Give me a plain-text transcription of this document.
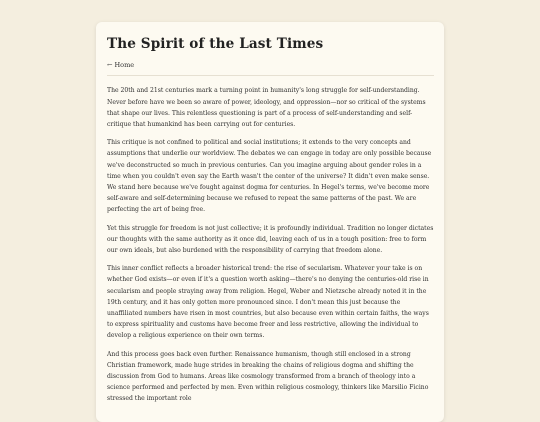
The Spirit of the Last Times
← Home

The 20th and 21st centuries mark a turning point in humanity's long struggle for self-understanding. Never before have we been so aware of power, ideology, and oppression—nor so critical of the systems that shape our lives. This relentless questioning is part of a process of self-understanding and self-critique that humankind has been carrying out for centuries.

This critique is not confined to political and social institutions; it extends to the very concepts and assumptions that underlie our worldview. The debates we can engage in today are only possible because we've deconstructed so much in previous centuries. Can you imagine arguing about gender roles in a time when you couldn't even say the Earth wasn't the center of the universe? It didn't even make sense. We stand here because we've fought against dogma for centuries. In Hegel's terms, we've become more self-aware and self-determining because we refused to repeat the same patterns of the past. We are perfecting the art of being free.

Yet this struggle for freedom is not just collective; it is profoundly individual. Tradition no longer dictates our thoughts with the same authority as it once did, leaving each of us in a tough position: free to form our own ideals, but also burdened with the responsibility of carrying that freedom alone.

This inner conflict reflects a broader historical trend: the rise of secularism. Whatever your take is on whether God exists—or even if it's a question worth asking—there's no denying the centuries-old rise in secularism and people straying away from religion. Hegel, Weber and Nietzsche already noted it in the 19th century, and it has only gotten more pronounced since. I don't mean this just because the unaffiliated numbers have risen in most countries, but also because even within certain faiths, the ways to express spirituality and customs have become freer and less restrictive, allowing the individual to develop a religious experience on their own terms.

And this process goes back even further. Renaissance humanism, though still enclosed in a strong Christian framework, made huge strides in breaking the chains of religious dogma and shifting the discussion from God to humans. Areas like cosmology transformed from a branch of theology into a science performed and perfected by men. Even within religious cosmology, thinkers like Marsilio Ficino stressed the important role
